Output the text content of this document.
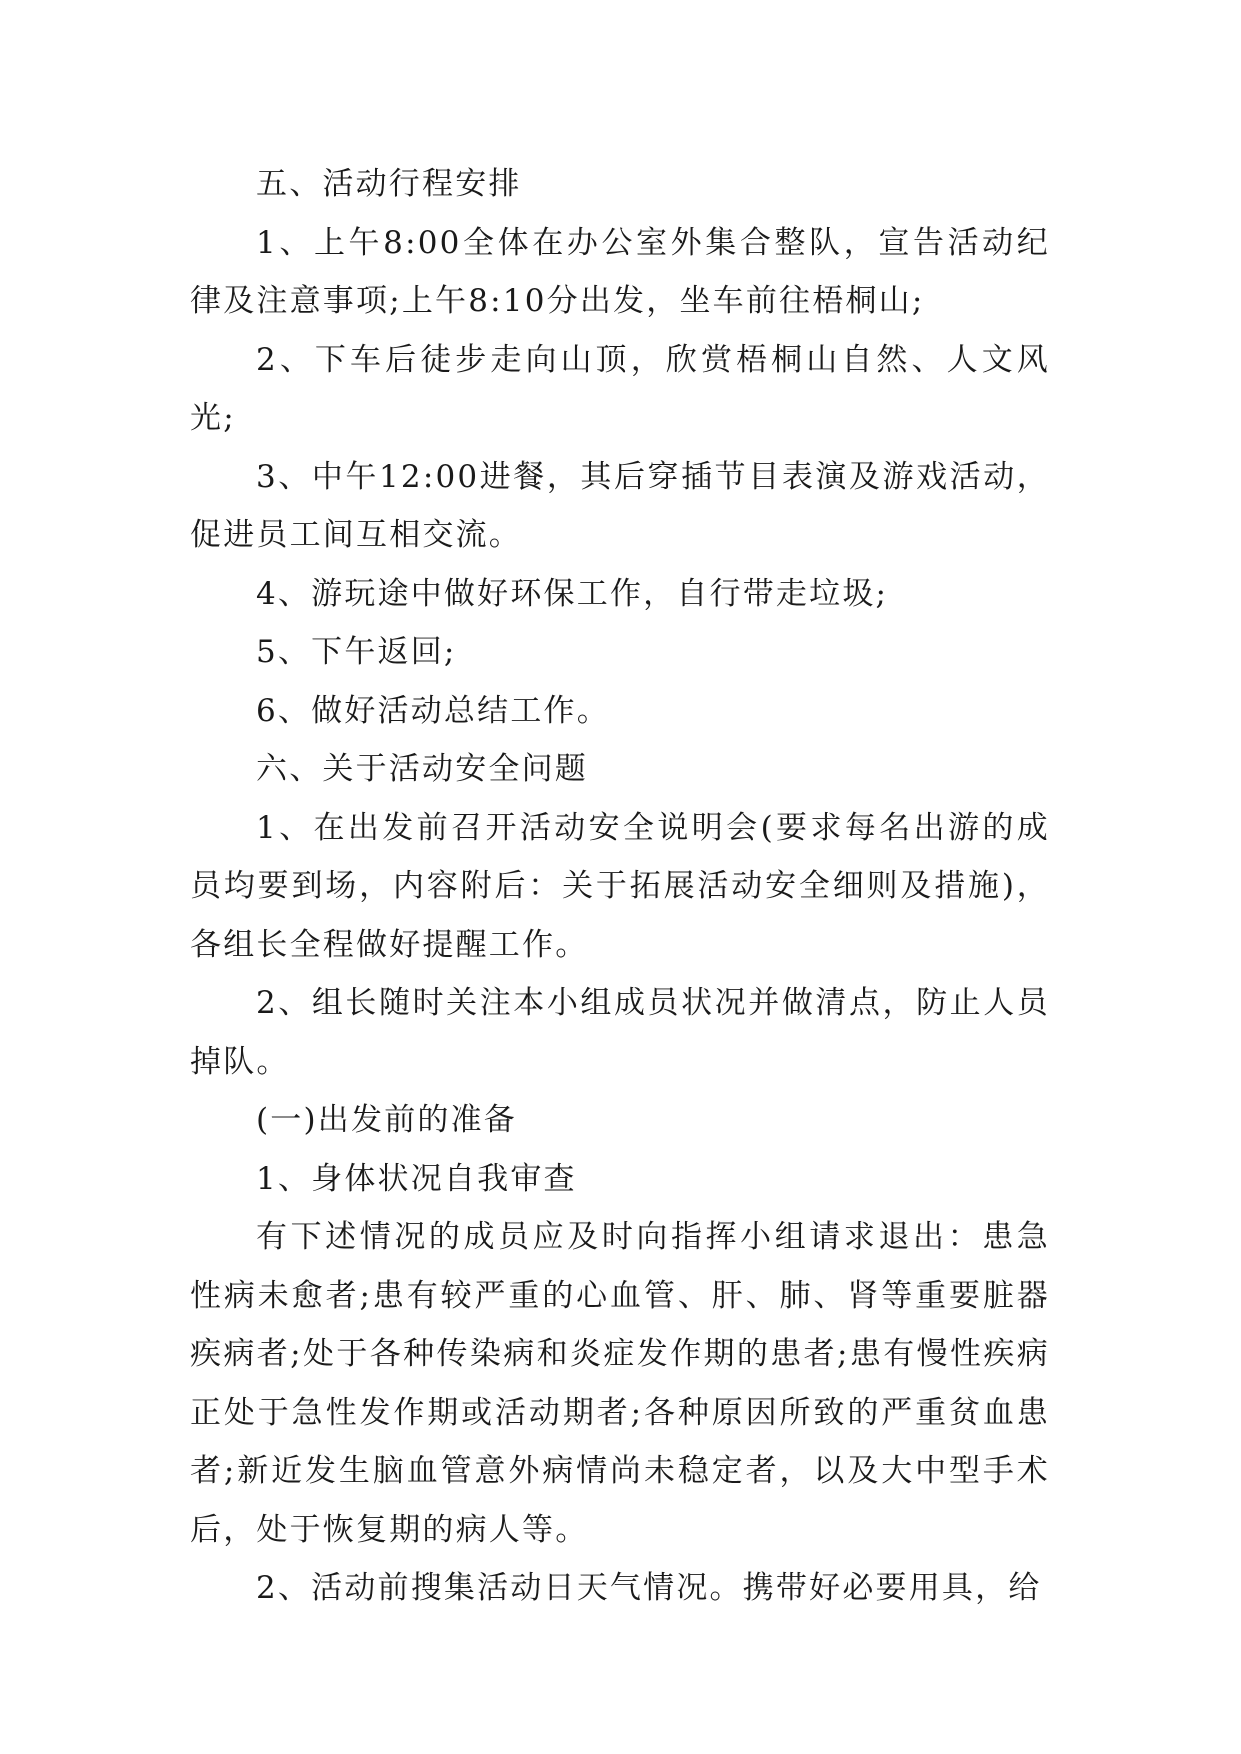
五、活动行程安排

1、上午8:00全体在办公室外集合整队，宣告活动纪律及注意事项;上午8:10分出发，坐车前往梧桐山;

2、下车后徒步走向山顶，欣赏梧桐山自然、人文风光;

3、中午12:00进餐，其后穿插节目表演及游戏活动，促进员工间互相交流。

4、游玩途中做好环保工作，自行带走垃圾;

5、下午返回;

6、做好活动总结工作。

六、关于活动安全问题

1、在出发前召开活动安全说明会(要求每名出游的成员均要到场，内容附后：关于拓展活动安全细则及措施)，各组长全程做好提醒工作。

2、组长随时关注本小组成员状况并做清点，防止人员掉队。

(一)出发前的准备

1、身体状况自我审查

有下述情况的成员应及时向指挥小组请求退出：患急性病未愈者;患有较严重的心血管、肝、肺、肾等重要脏器疾病者;处于各种传染病和炎症发作期的患者;患有慢性疾病正处于急性发作期或活动期者;各种原因所致的严重贫血患者;新近发生脑血管意外病情尚未稳定者，以及大中型手术后，处于恢复期的病人等。

2、活动前搜集活动日天气情况。携带好必要用具，给
